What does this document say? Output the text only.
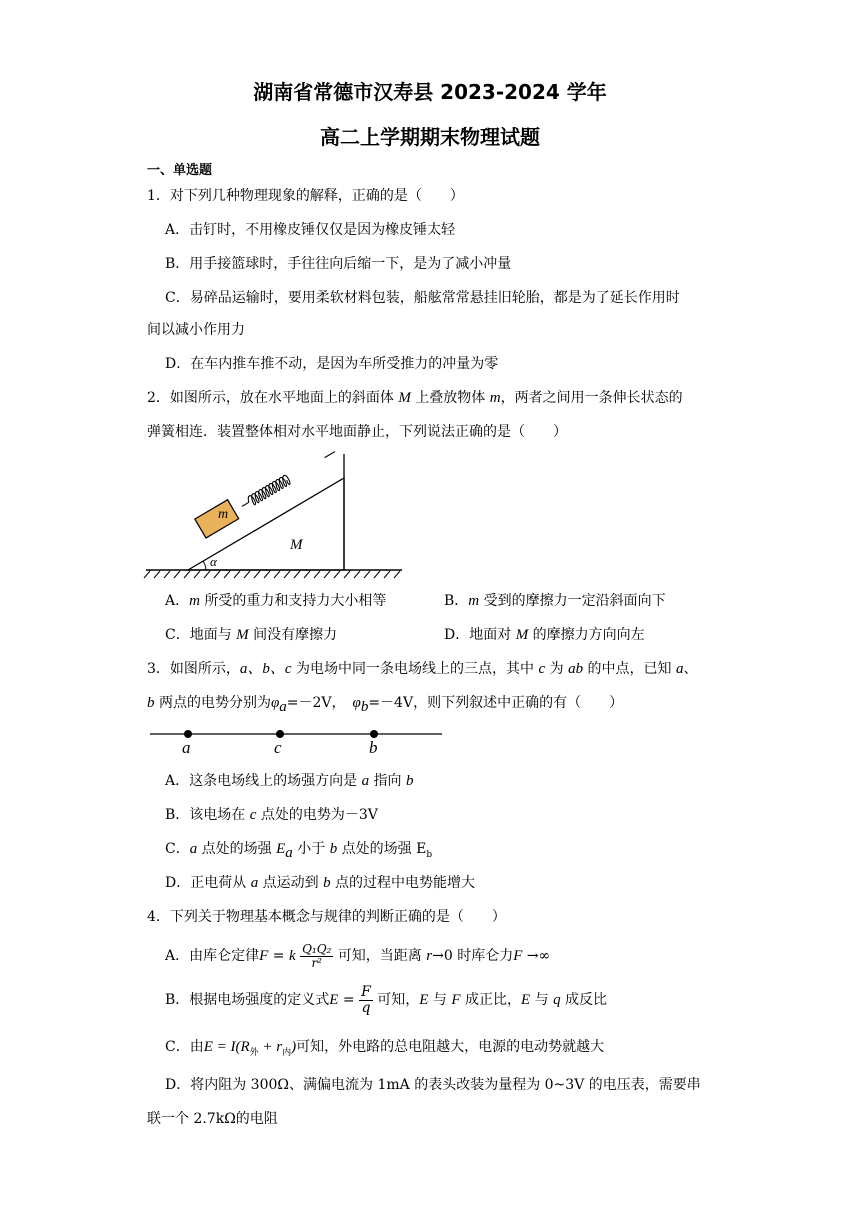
湖南省常德市汉寿县 2023-2024 学年
高二上学期期末物理试题
一、单选题
1．对下列几种物理现象的解释，正确的是（　　）
A．击钉时，不用橡皮锤仅仅是因为橡皮锤太轻
B．用手接篮球时，手往往向后缩一下，是为了减小冲量
C．易碎品运输时，要用柔软材料包装，船舷常常悬挂旧轮胎，都是为了延长作用时
间以减小作用力
D．在车内推车推不动，是因为车所受推力的冲量为零
2．如图所示，放在水平地面上的斜面体 M 上叠放物体 m，两者之间用一条伸长状态的
弹簧相连．装置整体相对水平地面静止，下列说法正确的是（　　）
α
m
M
A．m 所受的重力和支持力大小相等	B．m 受到的摩擦力一定沿斜面向下
C．地面与 M 间没有摩擦力	D．地面对 M 的摩擦力方向向左
3．如图所示，a、b、c 为电场中同一条电场线上的三点，其中 c 为 ab 的中点，已知 a、
b 两点的电势分别为$\varphi_a=-2V$，　$\varphi_b=-4V$，则下列叙述中正确的有（　　）
a	c	b
A．这条电场线上的场强方向是 a 指向 b
B．该电场在 c 点处的电势为－3V
C．a 点处的场强 $E_a$ 小于 b 点处的场强 $E_b$
D．正电荷从 a 点运动到 b 点的过程中电势能增大
4．下列关于物理基本概念与规律的判断正确的是（　　）
A．由库仑定律F = k $\frac{\text{Q₁Q₂}}{\text{r²}}$ 可知，当距离 r→0 时库仑力F →∞
B．根据电场强度的定义式$E = \frac{F}{q}$ 可知，E 与 F 成正比，E 与 q 成反比
C．由$E = I(R_外 + r_内)$可知，外电路的总电阻越大，电源的电动势就越大
D．将内阻为 300Ω、满偏电流为 1mA 的表头改装为量程为 0~3V 的电压表，需要串
联一个 2.7kΩ的电阻
